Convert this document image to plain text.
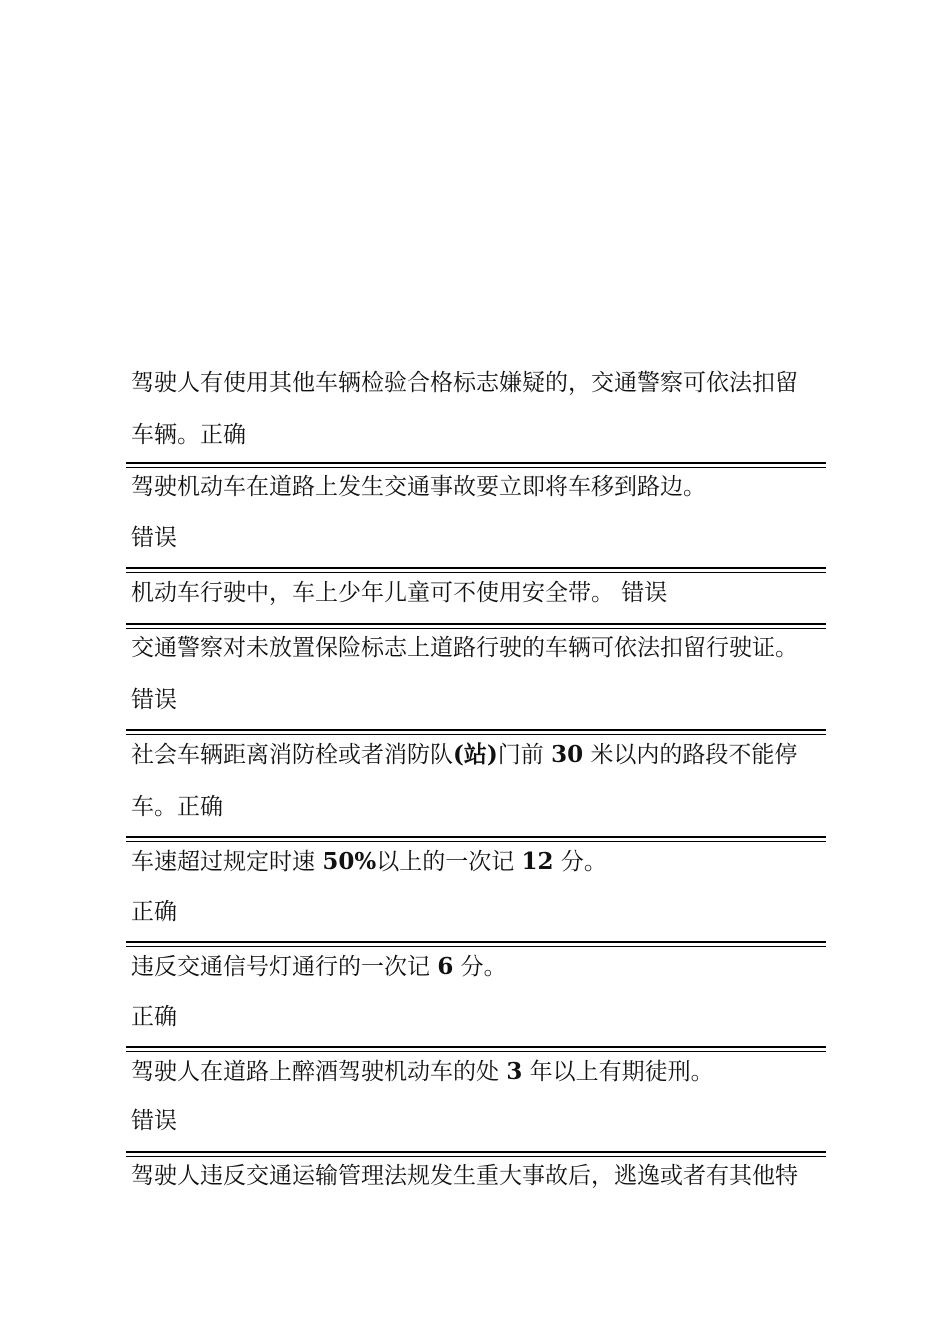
驾驶人有使用其他车辆检验合格标志嫌疑的，交通警察可依法扣留
车辆。正确
驾驶机动车在道路上发生交通事故要立即将车移到路边。
错误
机动车行驶中，车上少年儿童可不使用安全带。 错误
交通警察对未放置保险标志上道路行驶的车辆可依法扣留行驶证。
错误
社会车辆距离消防栓或者消防队(站)门前 30 米以内的路段不能停
车。正确
车速超过规定时速 50%以上的一次记 12 分。
正确
违反交通信号灯通行的一次记 6 分。
正确
驾驶人在道路上醉酒驾驶机动车的处 3 年以上有期徒刑。
错误
驾驶人违反交通运输管理法规发生重大事故后，逃逸或者有其他特
